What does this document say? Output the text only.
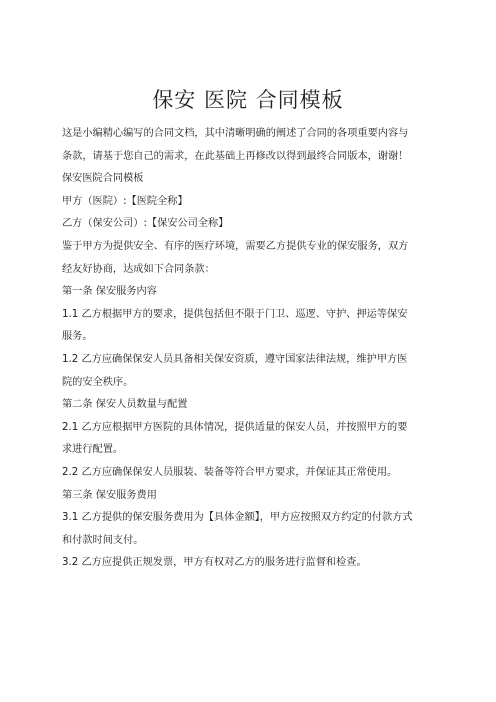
保安 医院 合同模板
这是小编精心编写的合同文档，其中清晰明确的阐述了合同的各项重要内容与
条款，请基于您自己的需求，在此基础上再修改以得到最终合同版本，谢谢！
保安医院合同模板
甲方（医院）:【医院全称】
乙方（保安公司）:【保安公司全称】
鉴于甲方为提供安全、有序的医疗环境，需要乙方提供专业的保安服务，双方
经友好协商，达成如下合同条款：
第一条 保安服务内容
1.1 乙方根据甲方的要求，提供包括但不限于门卫、巡逻、守护、押运等保安
服务。
1.2 乙方应确保保安人员具备相关保安资质，遵守国家法律法规，维护甲方医
院的安全秩序。
第二条 保安人员数量与配置
2.1 乙方应根据甲方医院的具体情况，提供适量的保安人员，并按照甲方的要
求进行配置。
2.2 乙方应确保保安人员服装、装备等符合甲方要求，并保证其正常使用。
第三条 保安服务费用
3.1 乙方提供的保安服务费用为【具体金额】，甲方应按照双方约定的付款方式
和付款时间支付。
3.2 乙方应提供正规发票，甲方有权对乙方的服务进行监督和检查。
